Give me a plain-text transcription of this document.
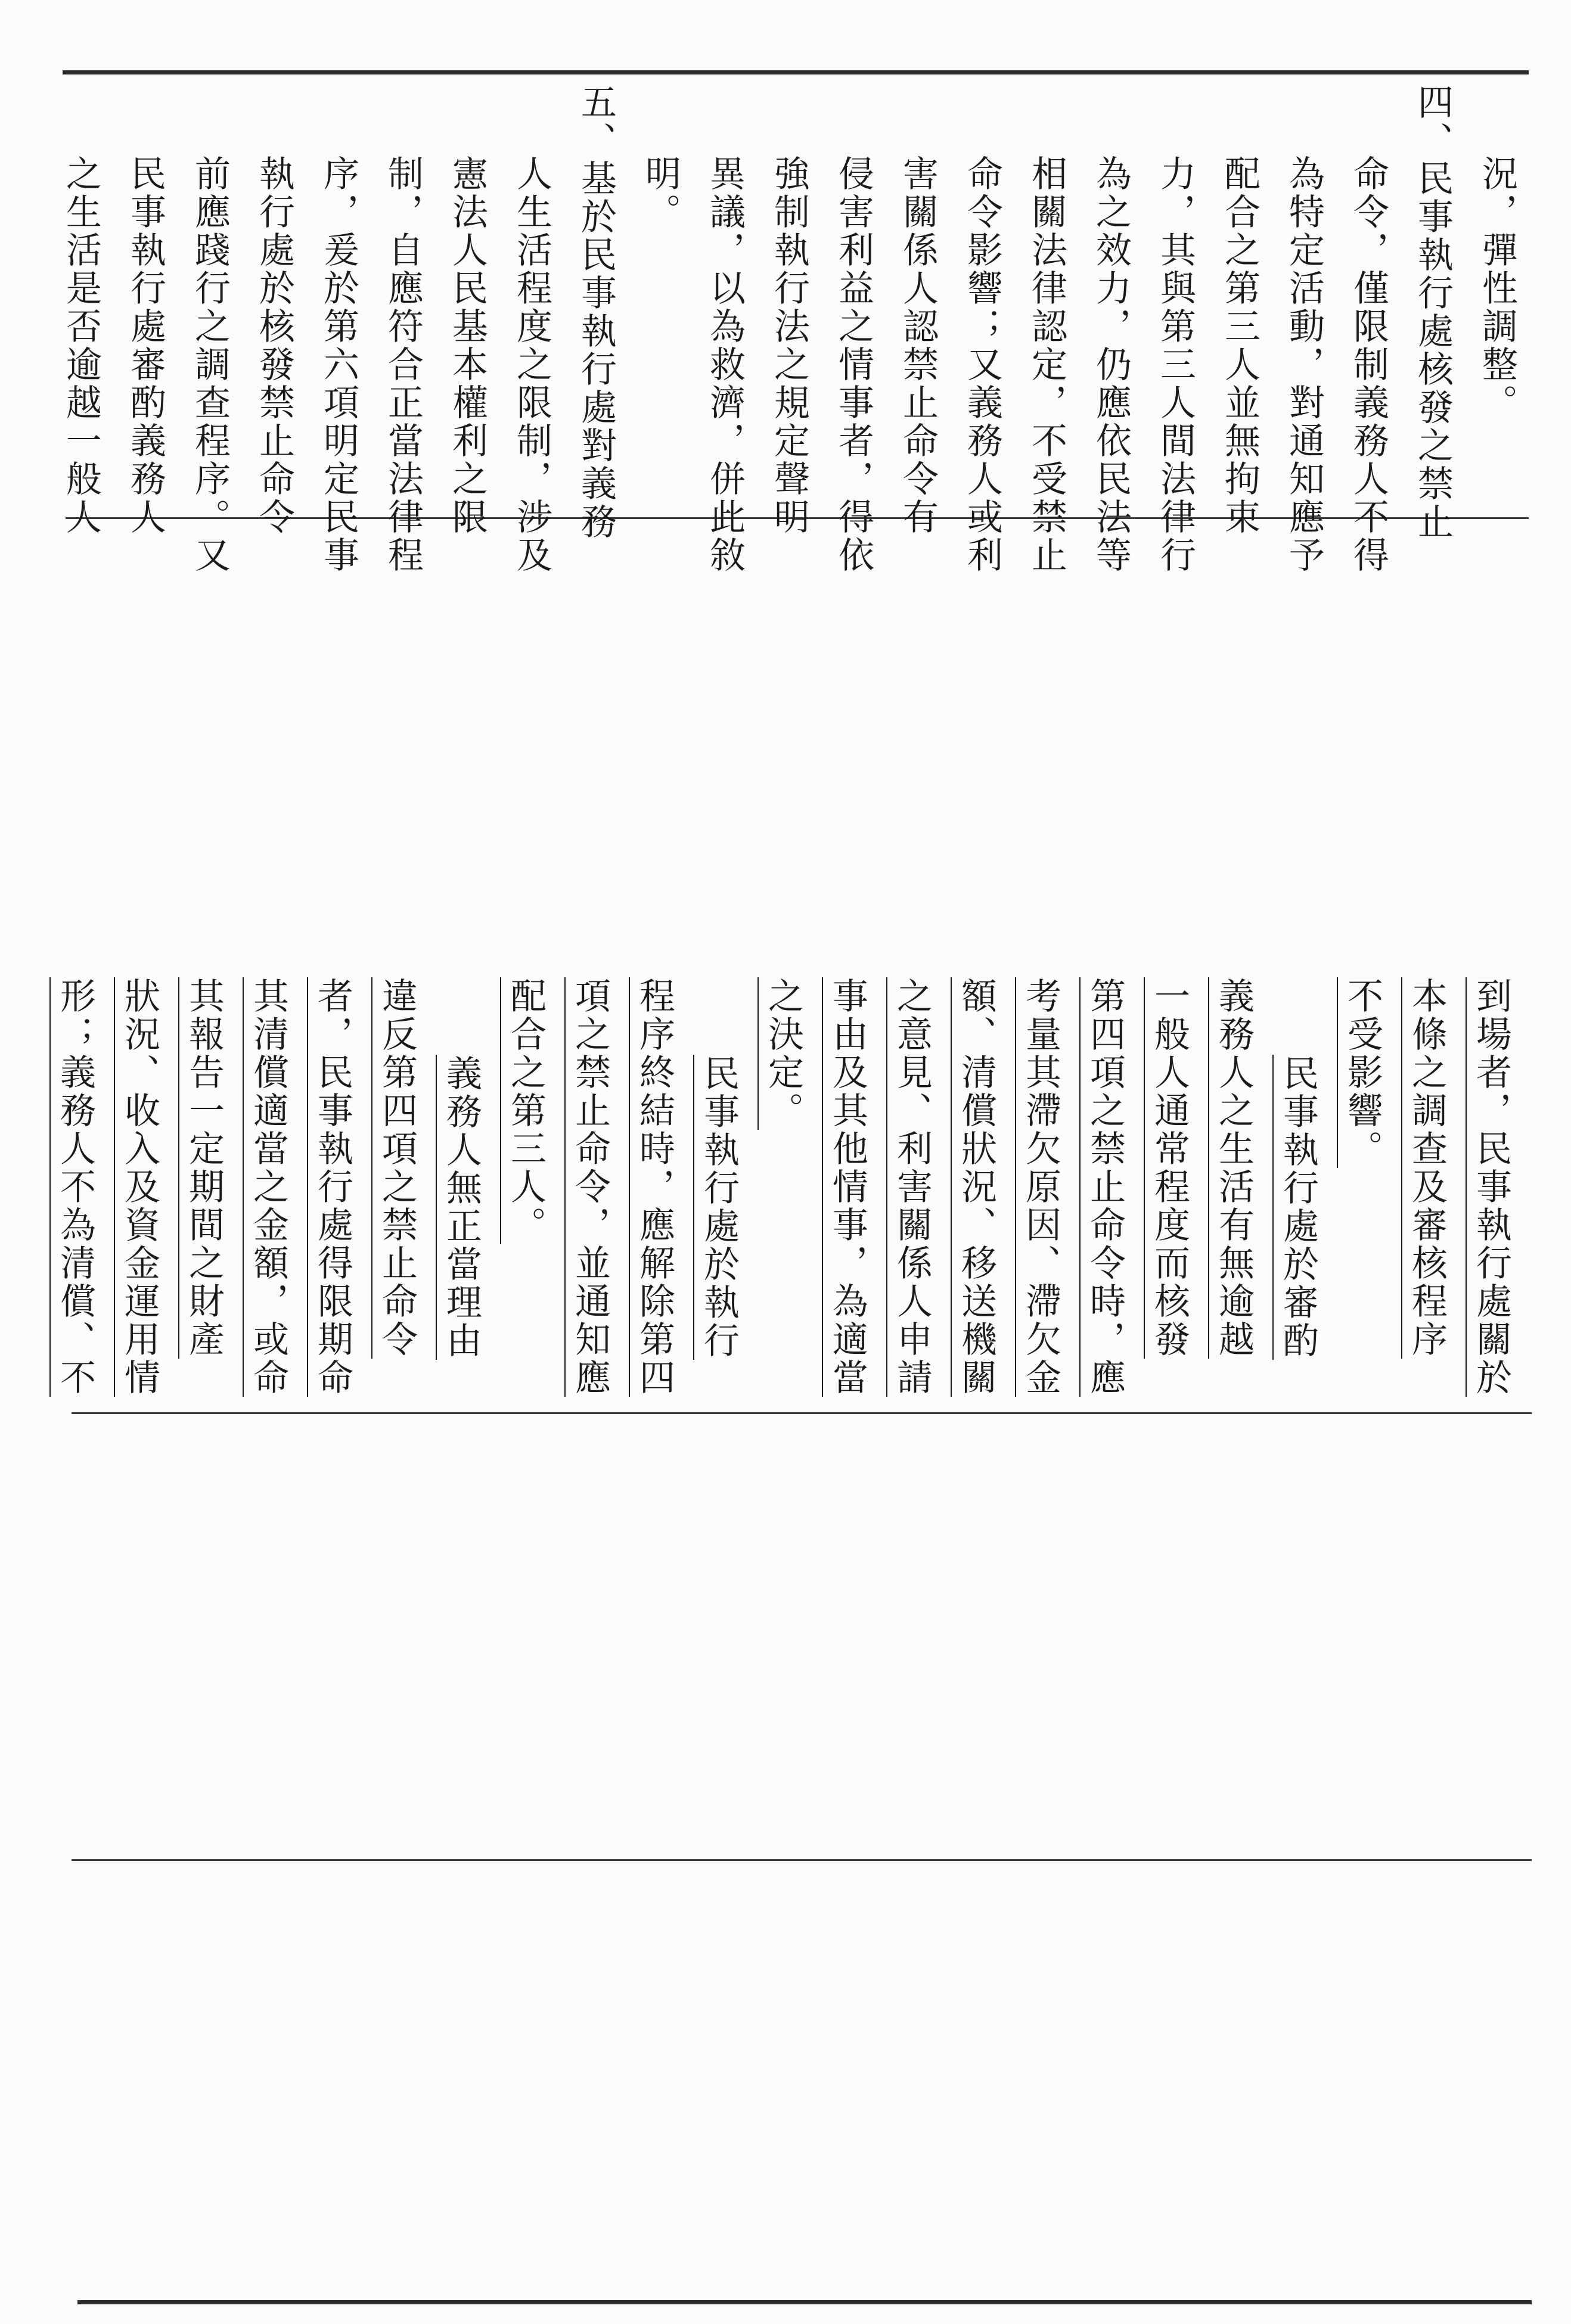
況，彈性調整。
四、民事執行處核發之禁止
命令，僅限制義務人不得
為特定活動，對通知應予
配合之第三人並無拘束
力，其與第三人間法律行
為之效力，仍應依民法等
相關法律認定，不受禁止
命令影響；又義務人或利
害關係人認禁止命令有
侵害利益之情事者，得依
強制執行法之規定聲明
異議，以為救濟，併此敘
明。
五、基於民事執行處對義務
人生活程度之限制，涉及
憲法人民基本權利之限
制，自應符合正當法律程
序，爰於第六項明定民事
執行處於核發禁止命令
前應踐行之調查程序。又
民事執行處審酌義務人
之生活是否逾越一般人
到場者，民事執行處關於
本條之調查及審核程序
不受影響。
民事執行處於審酌
義務人之生活有無逾越
一般人通常程度而核發
第四項之禁止命令時，應
考量其滯欠原因、滯欠金
額、清償狀況、移送機關
之意見、利害關係人申請
事由及其他情事，為適當
之決定。
民事執行處於執行
程序終結時，應解除第四
項之禁止命令，並通知應
配合之第三人。
義務人無正當理由
違反第四項之禁止命令
者，民事執行處得限期命
其清償適當之金額，或命
其報告一定期間之財產
狀況、收入及資金運用情
形；義務人不為清償、不
